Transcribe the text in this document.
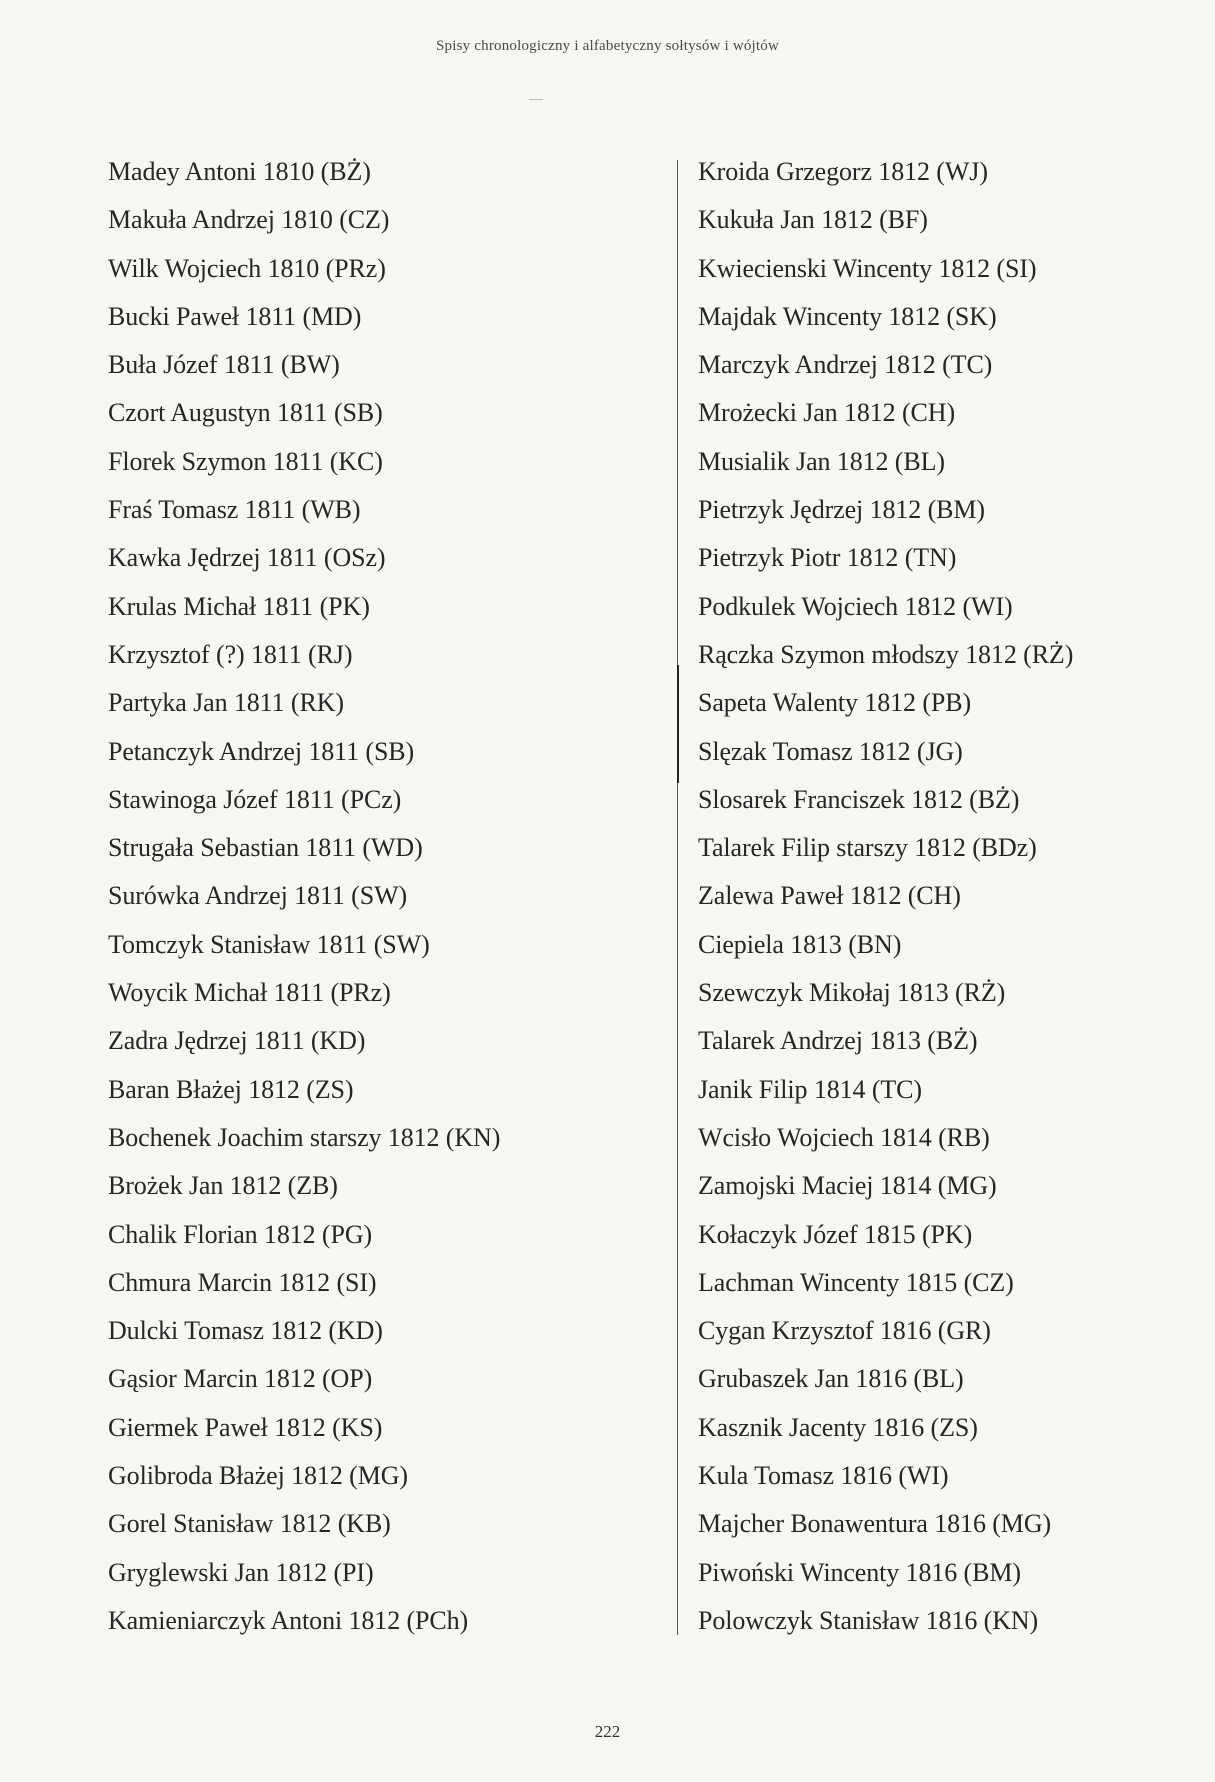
Spisy chronologiczny i alfabetyczny sołtysów i wójtów
Madey Antoni 1810 (BŻ)
Makuła Andrzej 1810 (CZ)
Wilk Wojciech 1810 (PRz)
Bucki Paweł 1811 (MD)
Buła Józef 1811 (BW)
Czort Augustyn 1811 (SB)
Florek Szymon 1811 (KC)
Fraś Tomasz 1811 (WB)
Kawka Jędrzej 1811 (OSz)
Krulas Michał 1811 (PK)
Krzysztof (?) 1811 (RJ)
Partyka Jan 1811 (RK)
Petanczyk Andrzej 1811 (SB)
Stawinoga Józef 1811 (PCz)
Strugała Sebastian 1811 (WD)
Surówka Andrzej 1811 (SW)
Tomczyk Stanisław 1811 (SW)
Woycik Michał 1811 (PRz)
Zadra Jędrzej 1811 (KD)
Baran Błażej 1812 (ZS)
Bochenek Joachim starszy 1812 (KN)
Brożek Jan 1812 (ZB)
Chalik Florian 1812 (PG)
Chmura Marcin 1812 (SI)
Dulcki Tomasz 1812 (KD)
Gąsior Marcin 1812 (OP)
Giermek Paweł 1812 (KS)
Golibroda Błażej 1812 (MG)
Gorel Stanisław 1812 (KB)
Gryglewski Jan 1812 (PI)
Kamieniarczyk Antoni 1812 (PCh)
Kroida Grzegorz 1812 (WJ)
Kukuła Jan 1812 (BF)
Kwiecienski Wincenty 1812 (SI)
Majdak Wincenty 1812 (SK)
Marczyk Andrzej 1812 (TC)
Mrożecki Jan 1812 (CH)
Musialik Jan 1812 (BL)
Pietrzyk Jędrzej 1812 (BM)
Pietrzyk Piotr 1812 (TN)
Podkulek Wojciech 1812 (WI)
Rączka Szymon młodszy 1812 (RŻ)
Sapeta Walenty 1812 (PB)
Slęzak Tomasz 1812 (JG)
Slosarek Franciszek 1812 (BŻ)
Talarek Filip starszy 1812 (BDz)
Zalewa Paweł 1812 (CH)
Ciepiela 1813 (BN)
Szewczyk Mikołaj 1813 (RŻ)
Talarek Andrzej 1813 (BŻ)
Janik Filip 1814 (TC)
Wcisło Wojciech 1814 (RB)
Zamojski Maciej 1814 (MG)
Kołaczyk Józef 1815 (PK)
Lachman Wincenty 1815 (CZ)
Cygan Krzysztof 1816 (GR)
Grubaszek Jan 1816 (BL)
Kasznik Jacenty 1816 (ZS)
Kula Tomasz 1816 (WI)
Majcher Bonawentura 1816 (MG)
Piwoński Wincenty 1816 (BM)
Polowczyk Stanisław 1816 (KN)
222
